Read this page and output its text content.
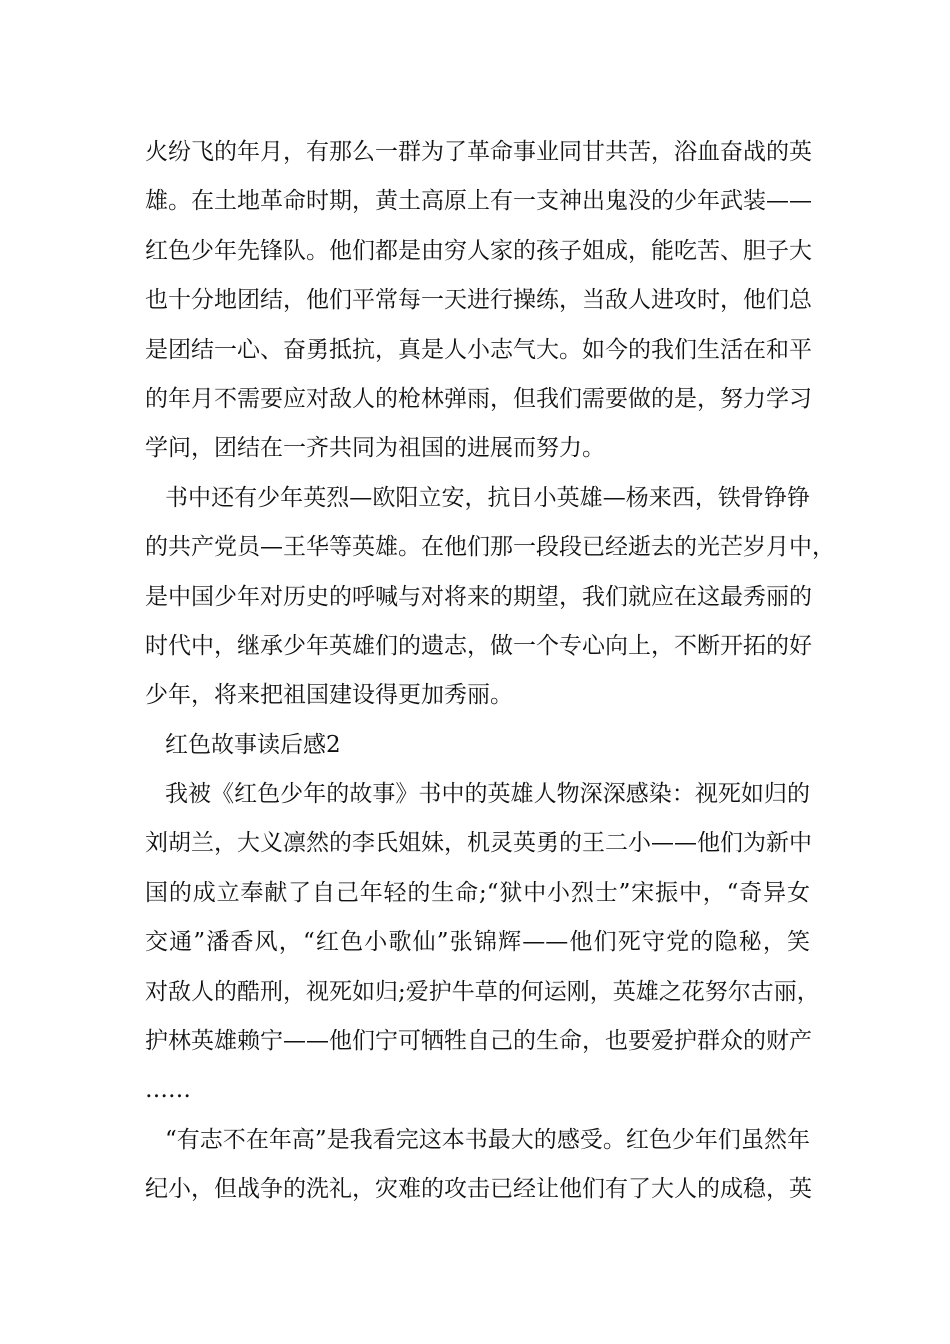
火纷飞的年月，有那么一群为了革命事业同甘共苦，浴血奋战的英
雄。在土地革命时期，黄土高原上有一支神出鬼没的少年武装——
红色少年先锋队。他们都是由穷人家的孩子姐成，能吃苦、胆子大
也十分地团结，他们平常每一天进行操练，当敌人进攻时，他们总
是团结一心、奋勇抵抗，真是人小志气大。如今的我们生活在和平
的年月不需要应对敌人的枪林弹雨，但我们需要做的是，努力学习
学问，团结在一齐共同为祖国的进展而努力。
书中还有少年英烈—欧阳立安，抗日小英雄—杨来西，铁骨铮铮
的共产党员—王华等英雄。在他们那一段段已经逝去的光芒岁月中，
是中国少年对历史的呼喊与对将来的期望，我们就应在这最秀丽的
时代中，继承少年英雄们的遗志，做一个专心向上，不断开拓的好
少年，将来把祖国建设得更加秀丽。
红色故事读后感2
我被《红色少年的故事》书中的英雄人物深深感染：视死如归的
刘胡兰，大义凛然的李氏姐妹，机灵英勇的王二小——他们为新中
国的成立奉献了自己年轻的生命;“狱中小烈士”宋振中，“奇异女
交通”潘香风，“红色小歌仙”张锦辉——他们死守党的隐秘，笑
对敌人的酷刑，视死如归;爱护牛草的何运刚，英雄之花努尔古丽，
护林英雄赖宁——他们宁可牺牲自己的生命，也要爱护群众的财产
……
“有志不在年高”是我看完这本书最大的感受。红色少年们虽然年
纪小，但战争的洗礼，灾难的攻击已经让他们有了大人的成稳，英
